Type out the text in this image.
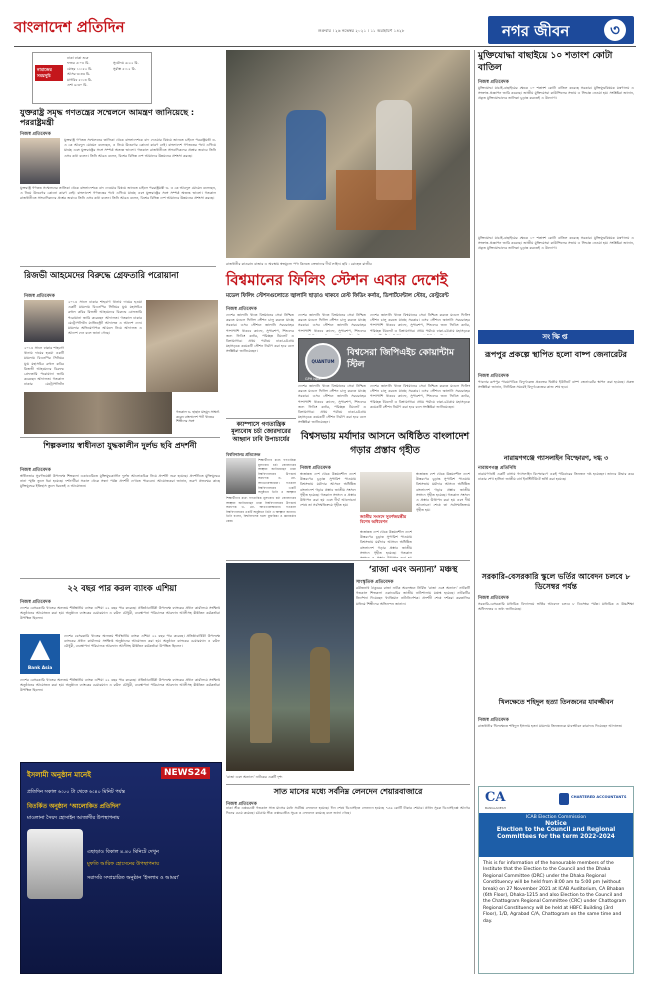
বাংলাদেশ প্রতিদিন	শুক্রবার । ২৬ নভেম্বর ২০২১ । ১১ অগ্রহায়ণ ১৪২৮	নগর জীবন	৩
ঢাকা ঢাকা শুরু
নামাজের সময়সূচি
ফজর ৫:০৪ মি.
যোহর ১১:৫২ মি.
আসর ৩:৩৩ মি.
মাগরিব ৫:১৩ মি.
এশা ৬:৩০ মি.
সূর্যোদয় ৬:২২ মি.
সূর্যাস্ত ৫:১২ মি.
যুক্তরাষ্ট্র সমৃদ্ধ গণতন্ত্রের সম্মেলনে আমন্ত্রণ জানিয়েছে : পররাষ্ট্রমন্ত্রী
নিজস্ব প্রতিবেদক
যুক্তরাষ্ট্র গণতন্ত্র সম্মেলনের তালিকা থেকে বাংলাদেশকে বাদ দেওয়ার বিষয়ে জানতে চাইলে পররাষ্ট্রমন্ত্রী ড. এ কে আবদুল মোমেন বলেছেন, এ নিয়ে উদ্বেগের কোনো কারণ নেই। বাংলাদেশ গণতন্ত্রের পথে এগিয়ে যাচ্ছে এবং যুক্তরাষ্ট্রের সঙ্গে সম্পর্ক অত্যন্ত ভালো। গতকাল রাজধানীতে সাংবাদিকদের প্রশ্নের জবাবে তিনি এসব কথা বলেন। তিনি আরও বলেন, বিশ্বের বিভিন্ন দেশ আমাদের উন্নয়নের প্রশংসা করছে।
যুক্তরাষ্ট্র গণতন্ত্র সম্মেলনের তালিকা থেকে বাংলাদেশকে বাদ দেওয়ার বিষয়ে জানতে চাইলে পররাষ্ট্রমন্ত্রী ড. এ কে আবদুল মোমেন বলেছেন, এ নিয়ে উদ্বেগের কোনো কারণ নেই। বাংলাদেশ গণতন্ত্রের পথে এগিয়ে যাচ্ছে এবং যুক্তরাষ্ট্রের সঙ্গে সম্পর্ক অত্যন্ত ভালো। গতকাল রাজধানীতে সাংবাদিকদের প্রশ্নের জবাবে তিনি এসব কথা বলেন। তিনি আরও বলেন, বিশ্বের বিভিন্ন দেশ আমাদের উন্নয়নের প্রশংসা করছে।
রিজভী আহমেদের বিরুদ্ধে গ্রেফতারি পরোয়ানা
নিজস্ব প্রতিবেদক
২০১৪ সালে ঢাকার শাহবাগ থানায় দায়ের হওয়া একটি মামলায় বিএনপির সিনিয়র যুগ্ম মহাসচিব রুহুল কবির রিজভী আহমেদের বিরুদ্ধে গ্রেফতারি পরোয়ানা জারি করেছেন আদালত। গতকাল ঢাকার মেট্রোপলিটন ম্যাজিস্ট্রেট আদালত এ আদেশ দেন। মামলার অভিযোগপত্র আমলে নিয়ে আদালত এ আদেশ দেন বলে জানা গেছে।
২০১৪ সালে ঢাকার শাহবাগ থানায় দায়ের হওয়া একটি মামলায় বিএনপির সিনিয়র যুগ্ম মহাসচিব রুহুল কবির রিজভী আহমেদের বিরুদ্ধে গ্রেফতারি পরোয়ানা জারি করেছেন আদালত। গতকাল ঢাকার মেট্রোপলিটন
গতকাল ড. হাছান মাহমুদ সাক্ষাৎ করেন বাংলাদেশ পাট খাতের শিল্পীদের সঙ্গে
শিল্পকলায় স্বাধীনতা যুদ্ধকালীন দুর্লভ ছবি প্রদর্শনী
নিজস্ব প্রতিবেদক
স্বাধীনতার সুবর্ণজয়ন্তী উপলক্ষে শিল্পকলা একাডেমিতে মুক্তিযুদ্ধকালীন দুর্লভ আলোকচিত্র নিয়ে প্রদর্শনী শুরু হয়েছে। প্রদর্শনীতে মুক্তিযুদ্ধের নানা স্মৃতি তুলে ধরা হয়েছে। দর্শনার্থীরা সকাল থেকে সন্ধ্যা পর্যন্ত প্রদর্শনী দেখতে পারবেন। আয়োজকরা জানান, তরুণ প্রজন্মের কাছে মুক্তিযুদ্ধের ইতিহাস তুলে ধরতেই এ আয়োজন।
২২ বছর পার করল ব্যাংক এশিয়া
নিজস্ব প্রতিবেদক
দেশের বেসরকারি খাতের অন্যতম শীর্ষস্থানীয় ব্যাংক এশিয়া ২২ বছর পার করেছে। প্রতিষ্ঠাবার্ষিকী উপলক্ষে ব্যাংকের প্রধান কার্যালয়ে সংক্ষিপ্ত অনুষ্ঠানের আয়োজন করা হয়। অনুষ্ঠানে ব্যাংকের চেয়ারম্যান এ রউফ চৌধুরী, ব্যবস্থাপনা পরিচালক আরফান আলীসহ ঊর্ধ্বতন কর্মকর্তারা উপস্থিত ছিলেন।
Bank Asia
দেশের বেসরকারি খাতের অন্যতম শীর্ষস্থানীয় ব্যাংক এশিয়া ২২ বছর পার করেছে। প্রতিষ্ঠাবার্ষিকী উপলক্ষে ব্যাংকের প্রধান কার্যালয়ে সংক্ষিপ্ত অনুষ্ঠানের আয়োজন করা হয়। অনুষ্ঠানে ব্যাংকের চেয়ারম্যান এ রউফ চৌধুরী, ব্যবস্থাপনা পরিচালক আরফান আলীসহ ঊর্ধ্বতন কর্মকর্তারা উপস্থিত ছিলেন।
দেশের বেসরকারি খাতের অন্যতম শীর্ষস্থানীয় ব্যাংক এশিয়া ২২ বছর পার করেছে। প্রতিষ্ঠাবার্ষিকী উপলক্ষে ব্যাংকের প্রধান কার্যালয়ে সংক্ষিপ্ত অনুষ্ঠানের আয়োজন করা হয়। অনুষ্ঠানে ব্যাংকের চেয়ারম্যান এ রউফ চৌধুরী, ব্যবস্থাপনা পরিচালক আরফান আলীসহ ঊর্ধ্বতন কর্মকর্তারা উপস্থিত ছিলেন।
রাজধানীর কাওরান বাজার এ অবস্থায় স্বল্পমূল্যে পণ্য কিনতে ক্রেতাদের দীর্ঘ লাইন। ছবি : রোহেত রাজীব
বিশ্বমানের ফিলিং স্টেশন এবার দেশেই
মডেল ফিলিং স্টেশনগুলোতে জ্বালানি ছাড়াও থাকবে রেস্ট ফিডিং কর্নার, ডিপার্টমেন্টাল স্টোর, রেস্টুরেন্ট
নিজস্ব প্রতিবেদক
দেশের জ্বালানি খাতে বিশ্বমানের সেবা নিশ্চিত করতে মডেল ফিলিং স্টেশন চালু করতে যাচ্ছে সরকার। এসব স্টেশনে জ্বালানি সরবরাহের পাশাপাশি থাকবে ক্যাফে, সুপারশপ, শিশুদের জন্য ফিডিং কর্নার, পরিচ্ছন্ন টয়লেট ও বিশ্রামাগার। প্রথম পর্যায়ে ঢাকা-চট্টগ্রাম মহাসড়কে কয়েকটি স্টেশন নির্মাণ করা হবে বলে সংশ্লিষ্টরা জানিয়েছেন।
দেশের জ্বালানি খাতে বিশ্বমানের সেবা নিশ্চিত করতে মডেল ফিলিং স্টেশন চালু করতে যাচ্ছে সরকার। এসব স্টেশনে জ্বালানি সরবরাহের পাশাপাশি থাকবে ক্যাফে, সুপারশপ, শিশুদের
দেশের জ্বালানি খাতে বিশ্বমানের সেবা নিশ্চিত করতে মডেল ফিলিং স্টেশন চালু করতে যাচ্ছে সরকার। এসব স্টেশনে জ্বালানি সরবরাহের পাশাপাশি থাকবে ক্যাফে, সুপারশপ, শিশুদের জন্য ফিডিং কর্নার, পরিচ্ছন্ন টয়লেট ও বিশ্রামাগার। প্রথম পর্যায়ে ঢাকা-চট্টগ্রাম মহাসড়কে
QUANTUM
বিশ্বসেরা জিপিএইচ কোয়ান্টাম স্টিল
GPH ispat
দেশের জ্বালানি খাতে বিশ্বমানের সেবা নিশ্চিত করতে মডেল ফিলিং স্টেশন চালু করতে যাচ্ছে সরকার। এসব স্টেশনে জ্বালানি সরবরাহের পাশাপাশি থাকবে ক্যাফে, সুপারশপ, শিশুদের জন্য ফিডিং কর্নার, পরিচ্ছন্ন টয়লেট ও বিশ্রামাগার। প্রথম পর্যায়ে ঢাকা-চট্টগ্রাম মহাসড়কে কয়েকটি স্টেশন নির্মাণ করা হবে বলে সংশ্লিষ্টরা জানিয়েছেন।
দেশের জ্বালানি খাতে বিশ্বমানের সেবা নিশ্চিত করতে মডেল ফিলিং স্টেশন চালু করতে যাচ্ছে সরকার। এসব স্টেশনে জ্বালানি সরবরাহের পাশাপাশি থাকবে ক্যাফে, সুপারশপ, শিশুদের জন্য ফিডিং কর্নার, পরিচ্ছন্ন টয়লেট ও বিশ্রামাগার। প্রথম পর্যায়ে ঢাকা-চট্টগ্রাম মহাসড়কে কয়েকটি স্টেশন নির্মাণ করা হবে বলে সংশ্লিষ্টরা জানিয়েছেন।
ক্যাম্পাসে গণতান্ত্রিক মূল্যবোধ চর্চা জোরদারের আহ্বান ঢাবি উপাচার্যের
বিশ্ববিদ্যালয় প্রতিবেদক
শিক্ষার্থীদের মধ্যে গণতান্ত্রিক মূল্যবোধ চর্চা জোরদারের আহ্বান জানিয়েছেন ঢাকা বিশ্ববিদ্যালয়ের উপাচার্য অধ্যাপক ড. মো. আখতারুজ্জামান। গতকাল বিশ্ববিদ্যালয়ের একটি অনুষ্ঠানে তিনি এ আহ্বান
শিক্ষার্থীদের মধ্যে গণতান্ত্রিক মূল্যবোধ চর্চা জোরদারের আহ্বান জানিয়েছেন ঢাকা বিশ্ববিদ্যালয়ের উপাচার্য অধ্যাপক ড. মো. আখতারুজ্জামান। গতকাল বিশ্ববিদ্যালয়ের একটি অনুষ্ঠানে তিনি এ আহ্বান জানান। তিনি বলেন, বিশ্ববিদ্যালয় হলো মুক্তচিন্তা ও জ্ঞানচর্চার কেন্দ্র।
বিশ্বসভায় মর্যাদার আসনে অধিষ্ঠিত বাংলাদেশ গড়ার প্রস্তাব গৃহীত
নিজস্ব প্রতিবেদক
স্বল্পোন্নত দেশ থেকে উন্নয়নশীল দেশে উত্তরণের চূড়ান্ত সুপারিশ পাওয়ায় বিশ্বসভায় মর্যাদার আসনে অধিষ্ঠিত বাংলাদেশ গড়ার প্রস্তাব জাতীয় সংসদে গৃহীত হয়েছে। গতকাল সংসদে এ প্রস্তাব উত্থাপন করা হয় এবং দীর্ঘ আলোচনা শেষে তা সর্বসম্মতিক্রমে গৃহীত হয়।
জাতীয় সংসদে সুবর্ণজয়ন্তীর বিশেষ অধিবেশন
স্বল্পোন্নত দেশ থেকে উন্নয়নশীল দেশে উত্তরণের চূড়ান্ত সুপারিশ পাওয়ায় বিশ্বসভায় মর্যাদার আসনে অধিষ্ঠিত বাংলাদেশ গড়ার প্রস্তাব জাতীয় সংসদে গৃহীত হয়েছে। গতকাল
স্বল্পোন্নত দেশ থেকে উন্নয়নশীল দেশে উত্তরণের চূড়ান্ত সুপারিশ পাওয়ায় বিশ্বসভায় মর্যাদার আসনে অধিষ্ঠিত বাংলাদেশ গড়ার প্রস্তাব জাতীয় সংসদে গৃহীত হয়েছে। গতকাল সংসদে এ প্রস্তাব উত্থাপন করা হয় এবং দীর্ঘ আলোচনা শেষে তা সর্বসম্মতিক্রমে গৃহীত হয়।
‘রাজা এবং অন্যান্য’ নাটকের একটি দৃশ্য
‘রাজা এবং অন্যান্য’ মঞ্চস্থ
সাংস্কৃতিক প্রতিবেদক
রবীন্দ্রনাথ ঠাকুরের রাজা নাটক অবলম্বনে নির্মিত ‘রাজা এবং অন্যান্য’ নাটকটি গতকাল শিল্পকলা একাডেমির জাতীয় নাট্যশালায় মঞ্চস্থ হয়েছে। নাটকটির নির্দেশনা দিয়েছেন খ্যাতিমান নাট্যনির্দেশক। প্রদর্শনী শেষে দর্শকরা করতালির মাধ্যমে শিল্পীদের অভিনন্দন জানান।
সাত মাসের মধ্যে সর্বনিম্ন লেনদেন শেয়ারবাজারে
নিজস্ব প্রতিবেদক
ঢাকা স্টক এক্সচেঞ্জে গতকাল সাত মাসের মধ্যে সর্বনিম্ন লেনদেন হয়েছে। দিন শেষে ডিএসইতে লেনদেন হয়েছে ৭৫৬ কোটি টাকার শেয়ার। প্রধান সূচক ডিএসইএক্স আগের দিনের চেয়ে কমেছে। চট্টগ্রাম স্টক এক্সচেঞ্জেও সূচক ও লেনদেন কমেছে বলে জানা গেছে।
ইসলামী অনুষ্ঠান মানেই	NEWS24
প্রতিদিন সকাল ৬:০০ টা থেকে ৬:৪০ মিনিট পর্যন্ত
বিতর্কিত অনুষ্ঠান ‘আলোকিত প্রতিদিন’
মাওলানা সৈয়দ হোসাইন আজাদীর উপস্থাপনায়
এছাড়াও বিকাল ৪.৪০ মিনিটে দেখুন
মুফতি আরিফ হোসেনের উপস্থাপনায়
সরাসরি সম্প্রচারিত অনুষ্ঠান ‘ইসলাম ও আমরা’
মুক্তিযোদ্ধা বাছাইয়ে ১০ শতাংশ কোটা বাতিল
নিজস্ব প্রতিবেদক
মুক্তিযোদ্ধা যাচাই-বাছাইয়ের ক্ষেত্রে ১০ শতাংশ কোটা বাতিল করেছে সরকার। মুক্তিযুদ্ধবিষয়ক মন্ত্রণালয় এ সংক্রান্ত প্রজ্ঞাপন জারি করেছে। জাতীয় মুক্তিযোদ্ধা কাউন্সিলের সভায় এ সিদ্ধান্ত নেওয়া হয়। সংশ্লিষ্টরা জানান, প্রকৃত মুক্তিযোদ্ধাদের তালিকা চূড়ান্ত করতেই এ উদ্যোগ।
মুক্তিযোদ্ধা যাচাই-বাছাইয়ের ক্ষেত্রে ১০ শতাংশ কোটা বাতিল করেছে সরকার। মুক্তিযুদ্ধবিষয়ক মন্ত্রণালয় এ সংক্রান্ত প্রজ্ঞাপন জারি করেছে। জাতীয় মুক্তিযোদ্ধা কাউন্সিলের সভায় এ সিদ্ধান্ত নেওয়া হয়। সংশ্লিষ্টরা জানান, প্রকৃত মুক্তিযোদ্ধাদের তালিকা চূড়ান্ত করতেই এ উদ্যোগ।
সংক্ষিপ্ত
রূপপুর প্রকল্পে স্থাপিত হলো বাষ্প জেনারেটর
নিজস্ব প্রতিবেদক
পাবনার রূপপুর পারমাণবিক বিদ্যুৎকেন্দ্র প্রকল্পের দ্বিতীয় ইউনিটে বাষ্প জেনারেটর স্থাপন করা হয়েছে। প্রকল্প সংশ্লিষ্টরা জানান, নির্ধারিত সময়েই বিদ্যুৎকেন্দ্রের কাজ শেষ হবে।
নারায়ণগঞ্জে গ্যাসলাইন বিস্ফোরণ, দগ্ধ ৩
নারায়ণগঞ্জ প্রতিনিধি
নারায়ণগঞ্জে একটি বাসায় গ্যাসলাইন বিস্ফোরণে একই পরিবারের তিনজন দগ্ধ হয়েছেন। তাদের উদ্ধার করে ঢাকার শেখ হাসিনা জাতীয় বার্ন ইনস্টিটিউটে ভর্তি করা হয়েছে।
সরকারি-বেসরকারি স্কুলে ভর্তির আবেদন চলবে ৮ ডিসেম্বর পর্যন্ত
নিজস্ব প্রতিবেদক
সরকারি-বেসরকারি মাধ্যমিক বিদ্যালয়ে ভর্তির আবেদন চলবে ৮ ডিসেম্বর পর্যন্ত। মাধ্যমিক ও উচ্চশিক্ষা অধিদফতর এ তথ্য জানিয়েছে।
খিলক্ষেতে শহিদুল হত্যা তিনজনের যাবজ্জীবন
নিজস্ব প্রতিবেদক
রাজধানীর খিলক্ষেতে শহিদুল ইসলাম হত্যা মামলায় তিনজনকে যাবজ্জীবন কারাদণ্ড দিয়েছেন আদালত।
CA
BANGLADESH
CHARTERED ACCOUNTANTS
ICAB Election Commission
Notice
Election to the Council and Regional Committees for the term 2022-2024
This is for information of the honourable members of the Institute that the Election to the Council and the Dhaka Regional Committee (DRC) under the Dhaka Regional Constituency will be held from 8:00 am to 5:00 pm (without break) on 27 November 2021 at ICAB Auditorium, CA Bhaban (6th Floor), Dhaka-1215 and also Election to the Council and the Chattogram Regional Committee (CRC) under Chattogram Regional Constituency will be held at HBFC Building (3rd Floor), 1/D, Agrabad C/A, Chattogram on the same time and day.
